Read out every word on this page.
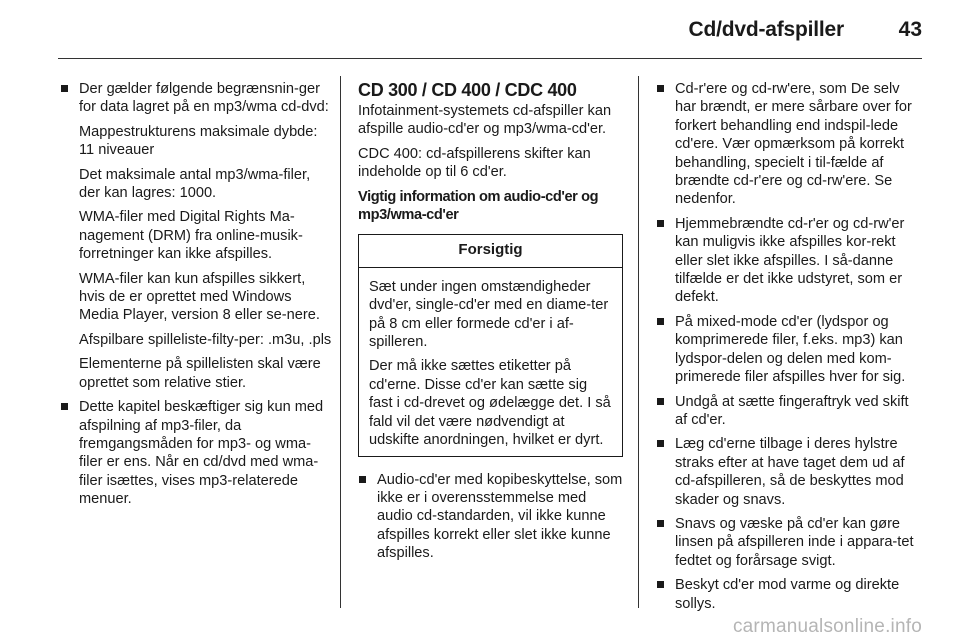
Cd/dvd-afspiller	43
Der gælder følgende begrænsnin-ger for data lagret på en mp3/wma cd-dvd:
Mappestrukturens maksimale dybde: 11 niveauer
Det maksimale antal mp3/wma-filer, der kan lagres: 1000.
WMA-filer med Digital Rights Ma-nagement (DRM) fra online-musik-forretninger kan ikke afspilles.
WMA-filer kan kun afspilles sikkert, hvis de er oprettet med Windows Media Player, version 8 eller se-nere.
Afspilbare spilleliste-filty-per: .m3u, .pls
Elementerne på spillelisten skal være oprettet som relative stier.
Dette kapitel beskæftiger sig kun med afspilning af mp3-filer, da fremgangsmåden for mp3- og wma-filer er ens. Når en cd/dvd med wma-filer isættes, vises mp3-relaterede menuer.
CD 300 / CD 400 / CDC 400
Infotainment-systemets cd-afspiller kan afspille audio-cd'er og mp3/wma-cd'er.
CDC 400: cd-afspillerens skifter kan indeholde op til 6 cd'er.
Vigtig information om audio-cd'er og mp3/wma-cd'er
Forsigtig
Sæt under ingen omstændigheder dvd'er, single-cd'er med en diame-ter på 8 cm eller formede cd'er i af-spilleren.
Der må ikke sættes etiketter på cd'erne. Disse cd'er kan sætte sig fast i cd-drevet og ødelægge det. I så fald vil det være nødvendigt at udskifte anordningen, hvilket er dyrt.
Audio-cd'er med kopibeskyttelse, som ikke er i overensstemmelse med audio cd-standarden, vil ikke kunne afspilles korrekt eller slet ikke kunne afspilles.
Cd-r'ere og cd-rw'ere, som De selv har brændt, er mere sårbare over for forkert behandling end indspil-lede cd'ere. Vær opmærksom på korrekt behandling, specielt i til-fælde af brændte cd-r'ere og cd-rw'ere. Se nedenfor.
Hjemmebrændte cd-r'er og cd-rw'er kan muligvis ikke afspilles kor-rekt eller slet ikke afspilles. I så-danne tilfælde er det ikke udstyret, som er defekt.
På mixed-mode cd'er (lydspor og komprimerede filer, f.eks. mp3) kan lydspor-delen og delen med kom-primerede filer afspilles hver for sig.
Undgå at sætte fingeraftryk ved skift af cd'er.
Læg cd'erne tilbage i deres hylstre straks efter at have taget dem ud af cd-afspilleren, så de beskyttes mod skader og snavs.
Snavs og væske på cd'er kan gøre linsen på afspilleren inde i appara-tet fedtet og forårsage svigt.
Beskyt cd'er mod varme og direkte sollys.
carmanualsonline.info
